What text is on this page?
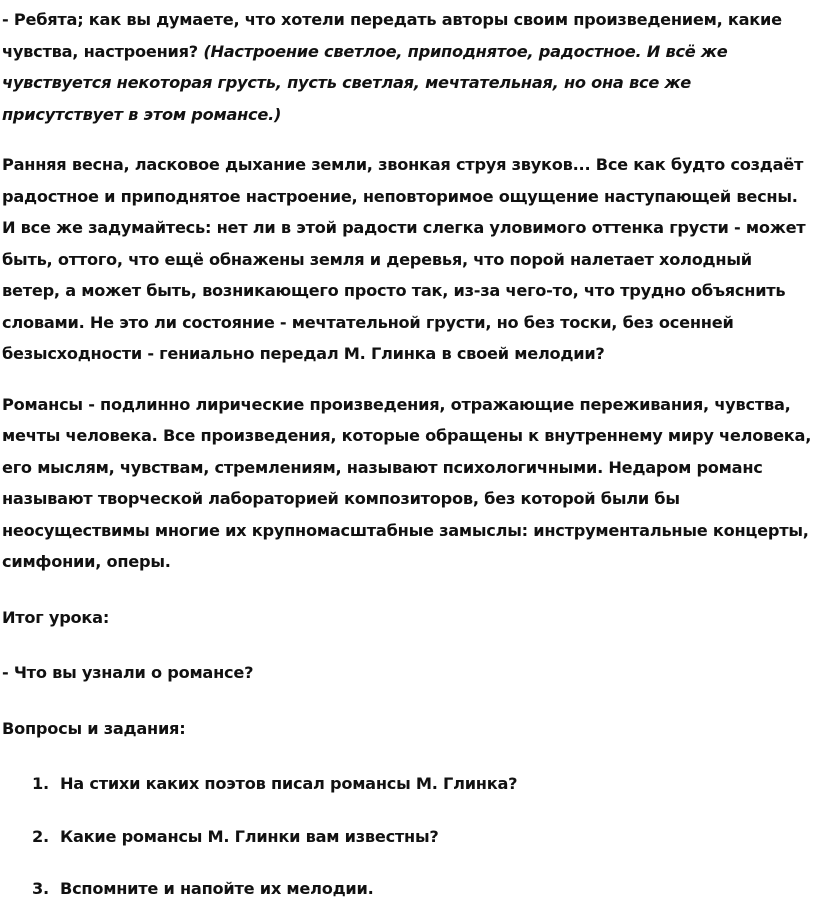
- Ребята; как вы думаете, что хотели передать авторы своим произведением, какие чувства, настроения? (Настроение светлое, приподнятое, радостное. И всё же чувствуется некоторая грусть, пусть светлая, мечтательная, но она все же присутствует в этом романсе.)

Ранняя весна, ласковое дыхание земли, звонкая струя звуков... Все как будто создаёт радостное и приподнятое настроение, неповторимое ощущение наступающей весны. И все же задумайтесь: нет ли в этой радости слегка уловимого оттенка грусти - может быть, оттого, что ещё обнажены земля и деревья, что порой налетает холодный ветер, а может быть, возникающего просто так, из-за чего-то, что трудно объяснить словами. Не это ли состояние - мечтательной грусти, но без тоски, без осенней безысходности - гениально передал М. Глинка в своей мелодии?

Романсы - подлинно лирические произведения, отражающие переживания, чувства, мечты человека. Все произведения, которые обращены к внутреннему миру человека, его мыслям, чувствам, стремлениям, называют психологичными. Недаром романс называют творческой лабораторией композиторов, без которой были бы неосуществимы многие их крупномасштабные замыслы: инструментальные концерты, симфонии, оперы.

Итог урока:

- Что вы узнали о романсе?

Вопросы и задания:

1. На стихи каких поэтов писал романсы М. Глинка?
2. Какие романсы М. Глинки вам известны?
3. Вспомните и напойте их мелодии.
